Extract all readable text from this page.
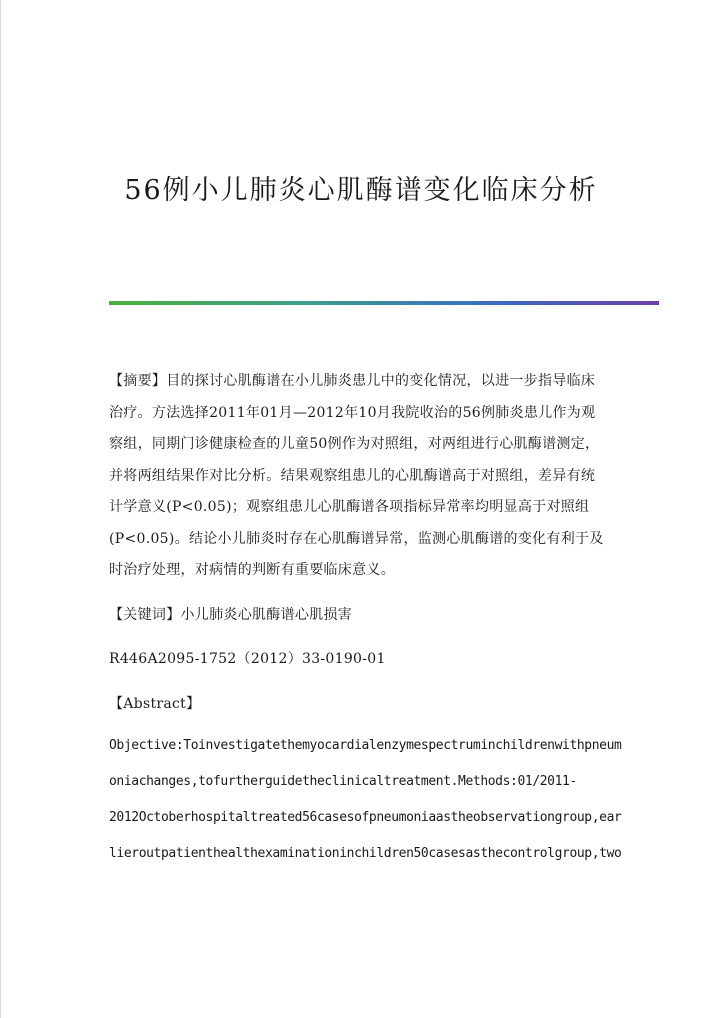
56例小儿肺炎心肌酶谱变化临床分析

【摘要】目的探讨心肌酶谱在小儿肺炎患儿中的变化情况，以进一步指导临床
治疗。方法选择2011年01月—2012年10月我院收治的56例肺炎患儿作为观
察组，同期门诊健康检查的儿童50例作为对照组，对两组进行心肌酶谱测定，
并将两组结果作对比分析。结果观察组患儿的心肌酶谱高于对照组，差异有统
计学意义(P<0.05)；观察组患儿心肌酶谱各项指标异常率均明显高于对照组
(P<0.05)。结论小儿肺炎时存在心肌酶谱异常，监测心肌酶谱的变化有利于及
时治疗处理，对病情的判断有重要临床意义。

【关键词】小儿肺炎心肌酶谱心肌损害

R446A2095-1752（2012）33-0190-01

【Abstract】

Objective:Toinvestigatethemyocardialenzymespectruminchildrenwithpneum
oniachanges,tofurtherguidetheclinicaltreatment.Methods:01/2011-
2012Octoberhospitaltreated56casesofpneumoniaastheobservationgroup,ear
lieroutpatienthealthexaminationinchildren50casesasthecontrolgroup,two
